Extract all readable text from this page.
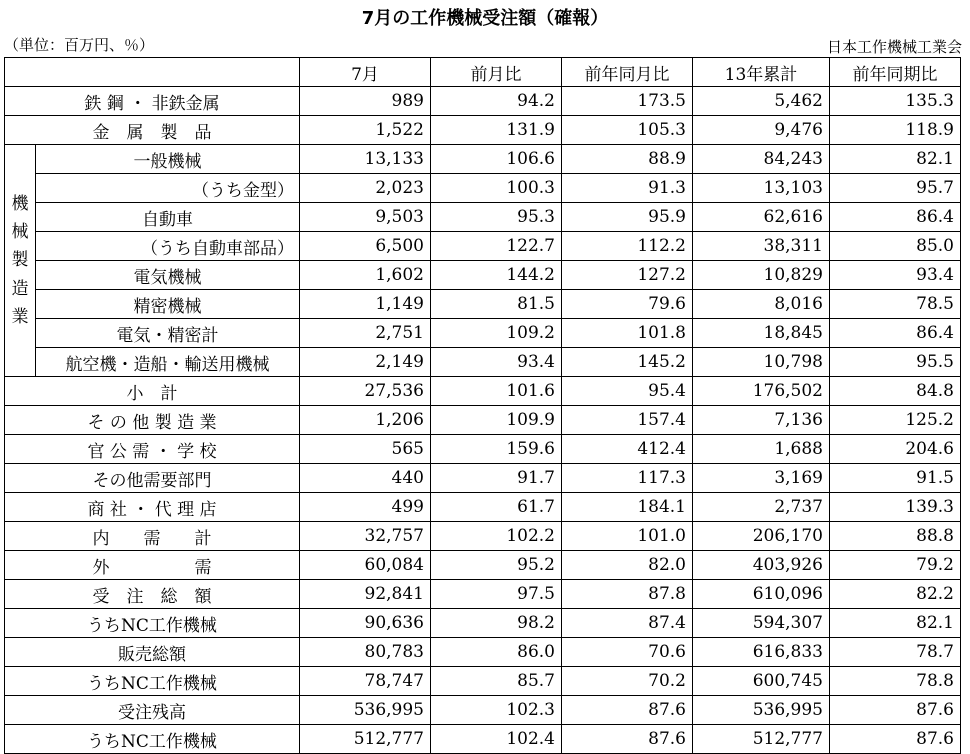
7月の工作機械受注額（確報）
（単位：百万円、％）	日本工作機械工業会
		7月	前月比	前年同月比	13年累計	前年同期比
鉄 鋼 ・ 非鉄金属		989	94.2	173.5	5,462	135.3
金　属　製　品		1,522	131.9	105.3	9,476	118.9
機械製造業	一般機械	13,133	106.6	88.9	84,243	82.1
	（うち金型）	2,023	100.3	91.3	13,103	95.7
	自動車	9,503	95.3	95.9	62,616	86.4
	（うち自動車部品）	6,500	122.7	112.2	38,311	85.0
	電気機械	1,602	144.2	127.2	10,829	93.4
	精密機械	1,149	81.5	79.6	8,016	78.5
	電気・精密計	2,751	109.2	101.8	18,845	86.4
	航空機・造船・輸送用機械	2,149	93.4	145.2	10,798	95.5
小　計		27,536	101.6	95.4	176,502	84.8
そ の 他 製 造 業		1,206	109.9	157.4	7,136	125.2
官 公 需 ・ 学 校		565	159.6	412.4	1,688	204.6
その他需要部門		440	91.7	117.3	3,169	91.5
商 社 ・ 代 理 店		499	61.7	184.1	2,737	139.3
内　　需　　計		32,757	102.2	101.0	206,170	88.8
外　　　　　需		60,084	95.2	82.0	403,926	79.2
受　注　総　額		92,841	97.5	87.8	610,096	82.2
うちNC工作機械		90,636	98.2	87.4	594,307	82.1
販売総額		80,783	86.0	70.6	616,833	78.7
うちNC工作機械		78,747	85.7	70.2	600,745	78.8
受注残高		536,995	102.3	87.6	536,995	87.6
うちNC工作機械		512,777	102.4	87.6	512,777	87.6
